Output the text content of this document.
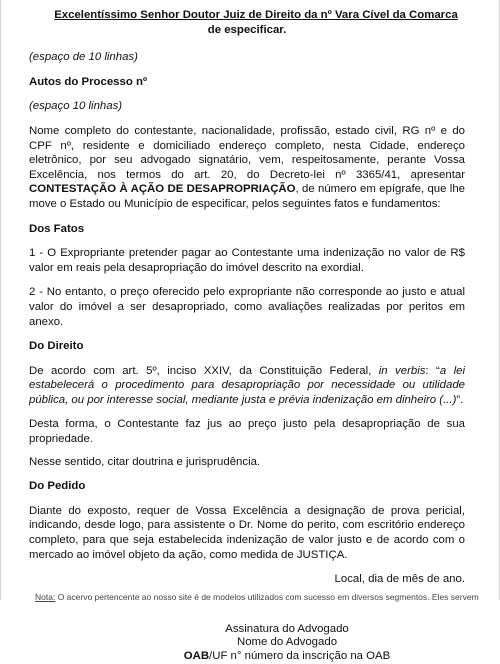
Excelentíssimo Senhor Doutor Juiz de Direito da nº Vara Cível da Comarca
de especificar.

(espaço de 10 linhas)

Autos do Processo nº

(espaço 10 linhas)

Nome completo do contestante, nacionalidade, profissão, estado civil, RG nº e do CPF nº, residente e domiciliado endereço completo, nesta Cidade, endereço eletrônico, por seu advogado signatário, vem, respeitosamente, perante Vossa Excelência, nos termos do art. 20, do Decreto-lei nº 3365/41, apresentar CONTESTAÇÃO À AÇÃO DE DESAPROPRIAÇÃO, de número em epígrafe, que lhe move o Estado ou Município de especificar, pelos seguintes fatos e fundamentos:

Dos Fatos

1 - O Expropriante pretender pagar ao Contestante uma indenização no valor de R$ valor em reais pela desapropriação do imóvel descrito na exordial.

2 - No entanto, o preço oferecido pelo expropriante não corresponde ao justo e atual valor do imóvel a ser desapropriado, como avaliações realizadas por peritos em anexo.

Do Direito

De acordo com art. 5º, inciso XXIV, da Constituição Federal, in verbis: “a lei estabelecerá o procedimento para desapropriação por necessidade ou utilidade pública, ou por interesse social, mediante justa e prévia indenização em dinheiro (...)”.

Desta forma, o Contestante faz jus ao preço justo pela desapropriação de sua propriedade.

Nesse sentido, citar doutrina e jurisprudência.

Do Pedido

Diante do exposto, requer de Vossa Excelência a designação de prova pericial, indicando, desde logo, para assistente o Dr. Nome do perito, com escritório endereço completo, para que seja estabelecida indenização de valor justo e de acordo com o mercado ao imóvel objeto da ação, como medida de JUSTIÇA.

Local, dia de mês de ano.

Assinatura do Advogado
Nome do Advogado
OAB/UF n° número da inscrição na OAB
Nota: O acervo pertencente ao nosso site é de modelos utilizados com sucesso em diversos segmentos. Eles servem
